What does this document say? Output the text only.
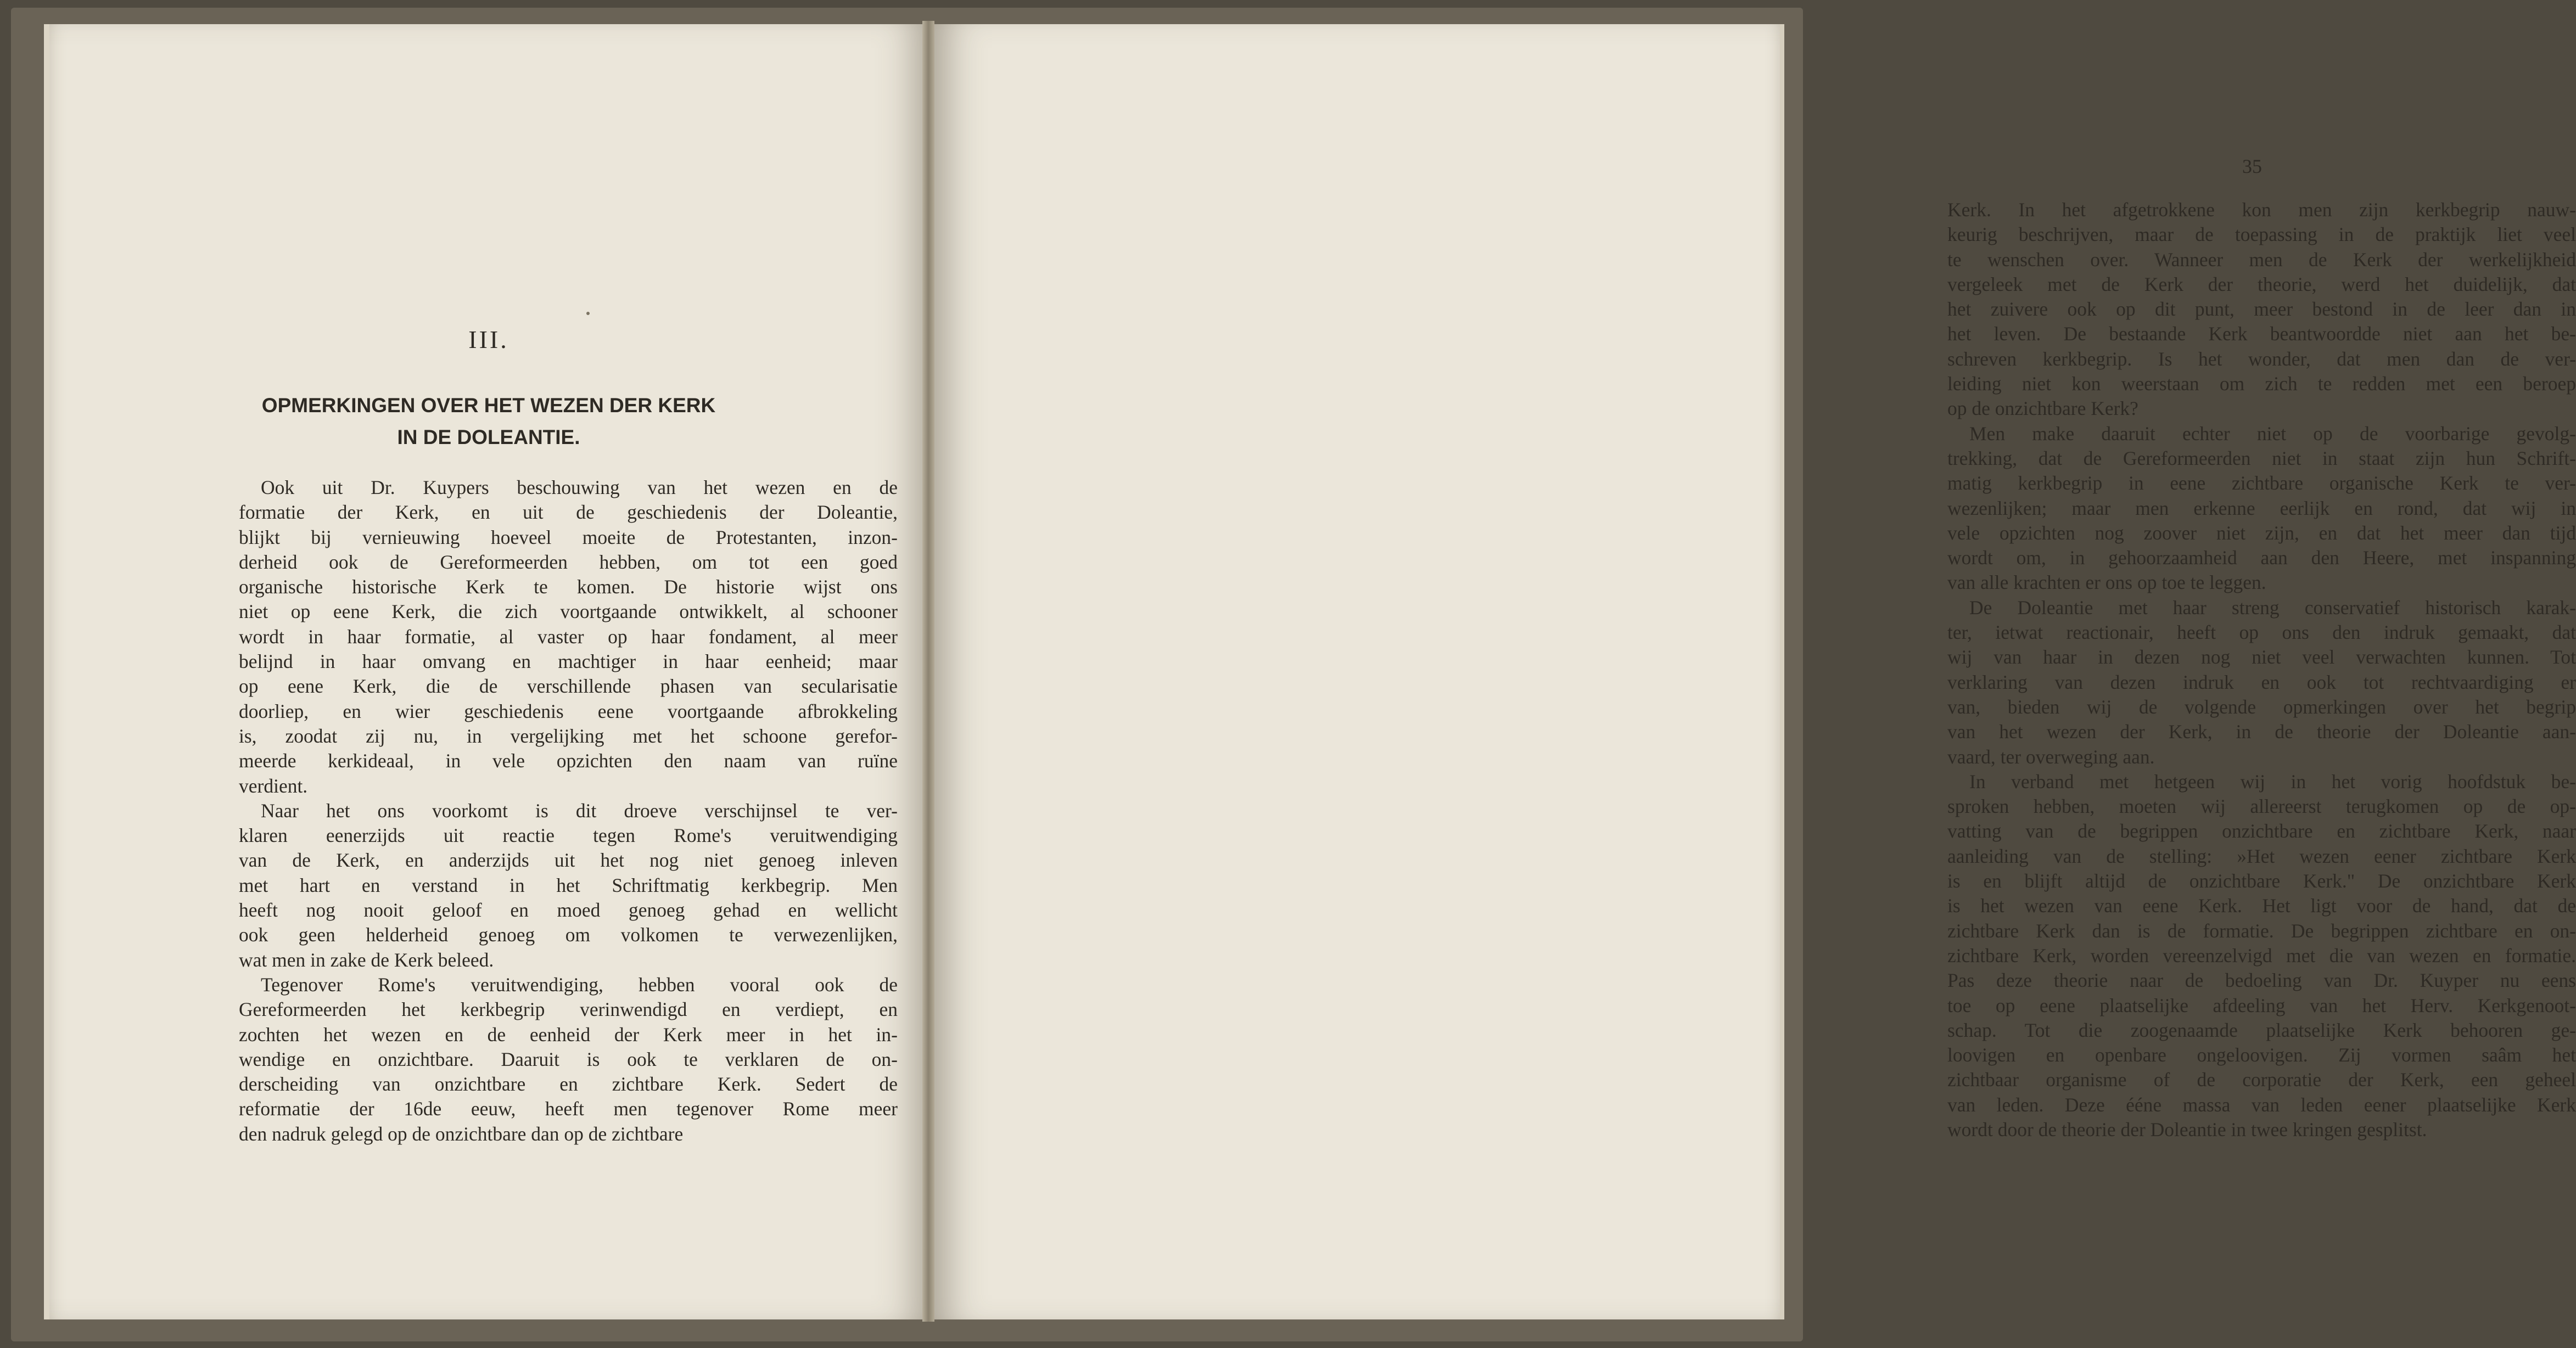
III.
OPMERKINGEN OVER HET WEZEN DER KERK
IN DE DOLEANTIE.
Ook uit Dr. Kuypers beschouwing van het wezen en de
formatie der Kerk, en uit de geschiedenis der Doleantie,
blijkt bij vernieuwing hoeveel moeite de Protestanten, inzon-
derheid ook de Gereformeerden hebben, om tot een goed
organische historische Kerk te komen. De historie wijst ons
niet op eene Kerk, die zich voortgaande ontwikkelt, al schooner
wordt in haar formatie, al vaster op haar fondament, al meer
belijnd in haar omvang en machtiger in haar eenheid; maar
op eene Kerk, die de verschillende phasen van secularisatie
doorliep, en wier geschiedenis eene voortgaande afbrokkeling
is, zoodat zij nu, in vergelijking met het schoone gerefor-
meerde kerkideaal, in vele opzichten den naam van ruïne
verdient.
Naar het ons voorkomt is dit droeve verschijnsel te ver-
klaren eenerzijds uit reactie tegen Rome's veruitwendiging
van de Kerk, en anderzijds uit het nog niet genoeg inleven
met hart en verstand in het Schriftmatig kerkbegrip. Men
heeft nog nooit geloof en moed genoeg gehad en wellicht
ook geen helderheid genoeg om volkomen te verwezenlijken,
wat men in zake de Kerk beleed.
Tegenover Rome's veruitwendiging, hebben vooral ook de
Gereformeerden het kerkbegrip verinwendigd en verdiept, en
zochten het wezen en de eenheid der Kerk meer in het in-
wendige en onzichtbare. Daaruit is ook te verklaren de on-
derscheiding van onzichtbare en zichtbare Kerk. Sedert de
reformatie der 16de eeuw, heeft men tegenover Rome meer
den nadruk gelegd op de onzichtbare dan op de zichtbare
35
Kerk. In het afgetrokkene kon men zijn kerkbegrip nauw-
keurig beschrijven, maar de toepassing in de praktijk liet veel
te wenschen over. Wanneer men de Kerk der werkelijkheid
vergeleek met de Kerk der theorie, werd het duidelijk, dat
het zuivere ook op dit punt, meer bestond in de leer dan in
het leven. De bestaande Kerk beantwoordde niet aan het be-
schreven kerkbegrip. Is het wonder, dat men dan de ver-
leiding niet kon weerstaan om zich te redden met een beroep
op de onzichtbare Kerk?
Men make daaruit echter niet op de voorbarige gevolg-
trekking, dat de Gereformeerden niet in staat zijn hun Schrift-
matig kerkbegrip in eene zichtbare organische Kerk te ver-
wezenlijken; maar men erkenne eerlijk en rond, dat wij in
vele opzichten nog zoover niet zijn, en dat het meer dan tijd
wordt om, in gehoorzaamheid aan den Heere, met inspanning
van alle krachten er ons op toe te leggen.
De Doleantie met haar streng conservatief historisch karak-
ter, ietwat reactionair, heeft op ons den indruk gemaakt, dat
wij van haar in dezen nog niet veel verwachten kunnen. Tot
verklaring van dezen indruk en ook tot rechtvaardiging er
van, bieden wij de volgende opmerkingen over het begrip
van het wezen der Kerk, in de theorie der Doleantie aan-
vaard, ter overweging aan.
In verband met hetgeen wij in het vorig hoofdstuk be-
sproken hebben, moeten wij allereerst terugkomen op de op-
vatting van de begrippen onzichtbare en zichtbare Kerk, naar
aanleiding van de stelling: »Het wezen eener zichtbare Kerk
is en blijft altijd de onzichtbare Kerk." De onzichtbare Kerk
is het wezen van eene Kerk. Het ligt voor de hand, dat de
zichtbare Kerk dan is de formatie. De begrippen zichtbare en on-
zichtbare Kerk, worden vereenzelvigd met die van wezen en formatie.
Pas deze theorie naar de bedoeling van Dr. Kuyper nu eens
toe op eene plaatselijke afdeeling van het Herv. Kerkgenoot-
schap. Tot die zoogenaamde plaatselijke Kerk behooren ge-
loovigen en openbare ongeloovigen. Zij vormen saâm het
zichtbaar organisme of de corporatie der Kerk, een geheel
van leden. Deze ééne massa van leden eener plaatselijke Kerk
wordt door de theorie der Doleantie in twee kringen gesplitst.
